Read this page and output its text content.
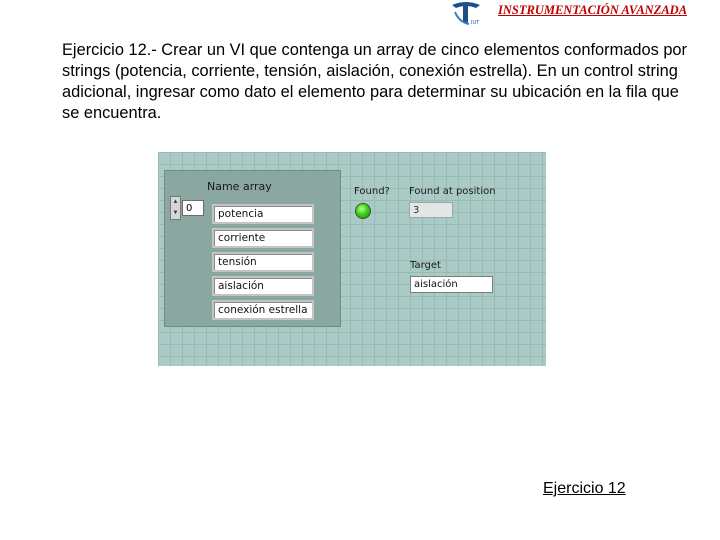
IUT
INSTRUMENTACIÓN AVANZADA

Ejercicio 12.- Crear un VI que contenga un array de cinco elementos conformados por strings (potencia, corriente, tensión, aislación, conexión estrella). En un control string adicional, ingresar como dato el elemento para determinar su ubicación en la fila que se encuentra.

Name array
▲
▼ 0	potencia
corriente
tensión
aislación
conexión estrella
Found? Found at position
3
Target
aislación
Ejercicio 12
